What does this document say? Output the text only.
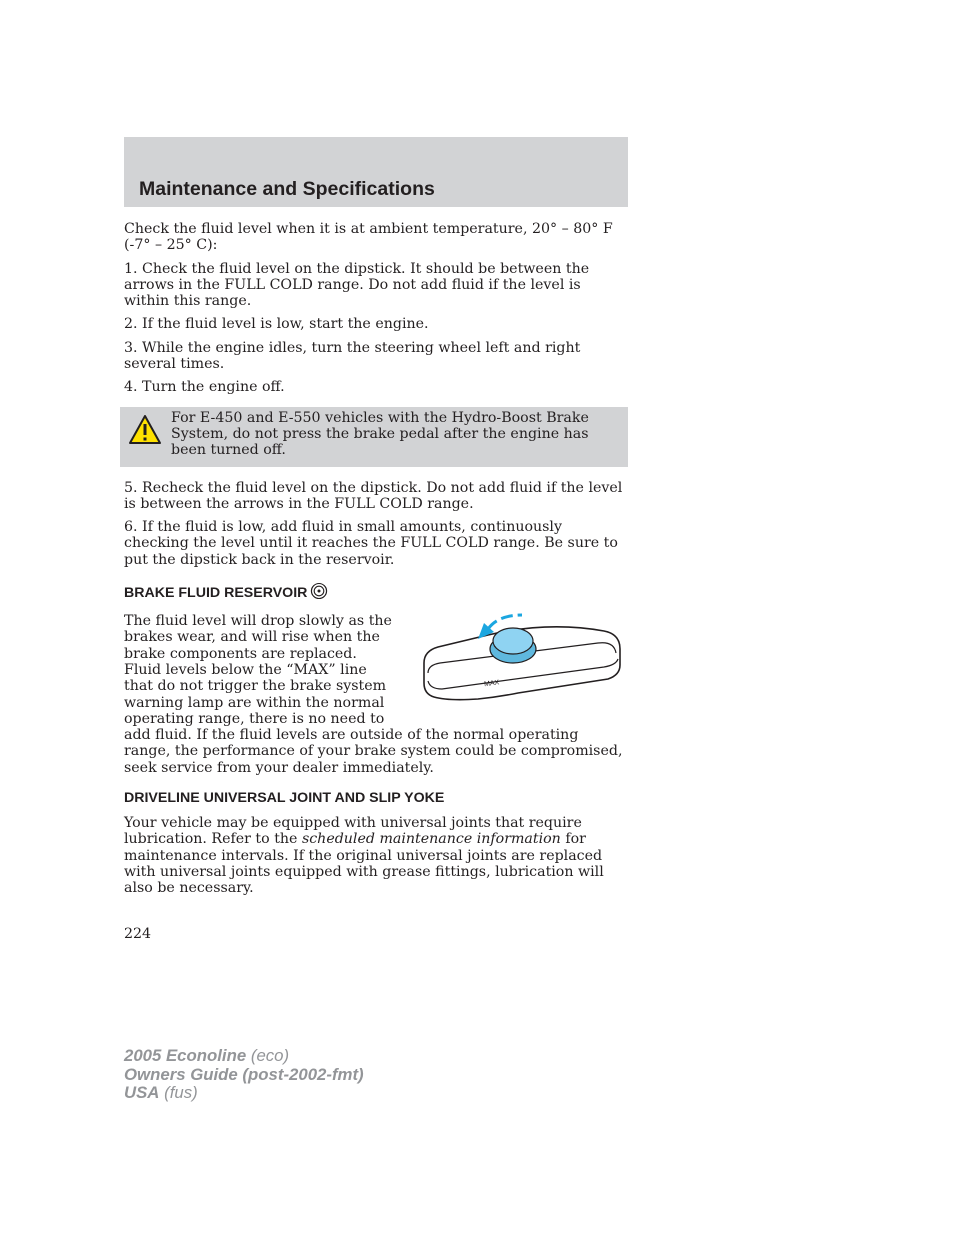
Maintenance and Specifications

Check the fluid level when it is at ambient temperature, 20° – 80° F (-7° – 25° C):

1. Check the fluid level on the dipstick. It should be between the arrows in the FULL COLD range. Do not add fluid if the level is within this range.

2. If the fluid level is low, start the engine.

3. While the engine idles, turn the steering wheel left and right several times.

4. Turn the engine off.

For E-450 and E-550 vehicles with the Hydro-Boost Brake System, do not press the brake pedal after the engine has been turned off.

5. Recheck the fluid level on the dipstick. Do not add fluid if the level is between the arrows in the FULL COLD range.

6. If the fluid is low, add fluid in small amounts, continuously checking the level until it reaches the FULL COLD range. Be sure to put the dipstick back in the reservoir.

BRAKE FLUID RESERVOIR
MAX

The fluid level will drop slowly as the brakes wear, and will rise when the brake components are replaced. Fluid levels below the “MAX” line that do not trigger the brake system warning lamp are within the normal operating range, there is no need to add fluid. If the fluid levels are outside of the normal operating range, the performance of your brake system could be compromised, seek service from your dealer immediately.

DRIVELINE UNIVERSAL JOINT AND SLIP YOKE

Your vehicle may be equipped with universal joints that require lubrication. Refer to the scheduled maintenance information for maintenance intervals. If the original universal joints are replaced with universal joints equipped with grease fittings, lubrication will also be necessary.

224
2005 Econoline (eco)
Owners Guide (post-2002-fmt)
USA (fus)
